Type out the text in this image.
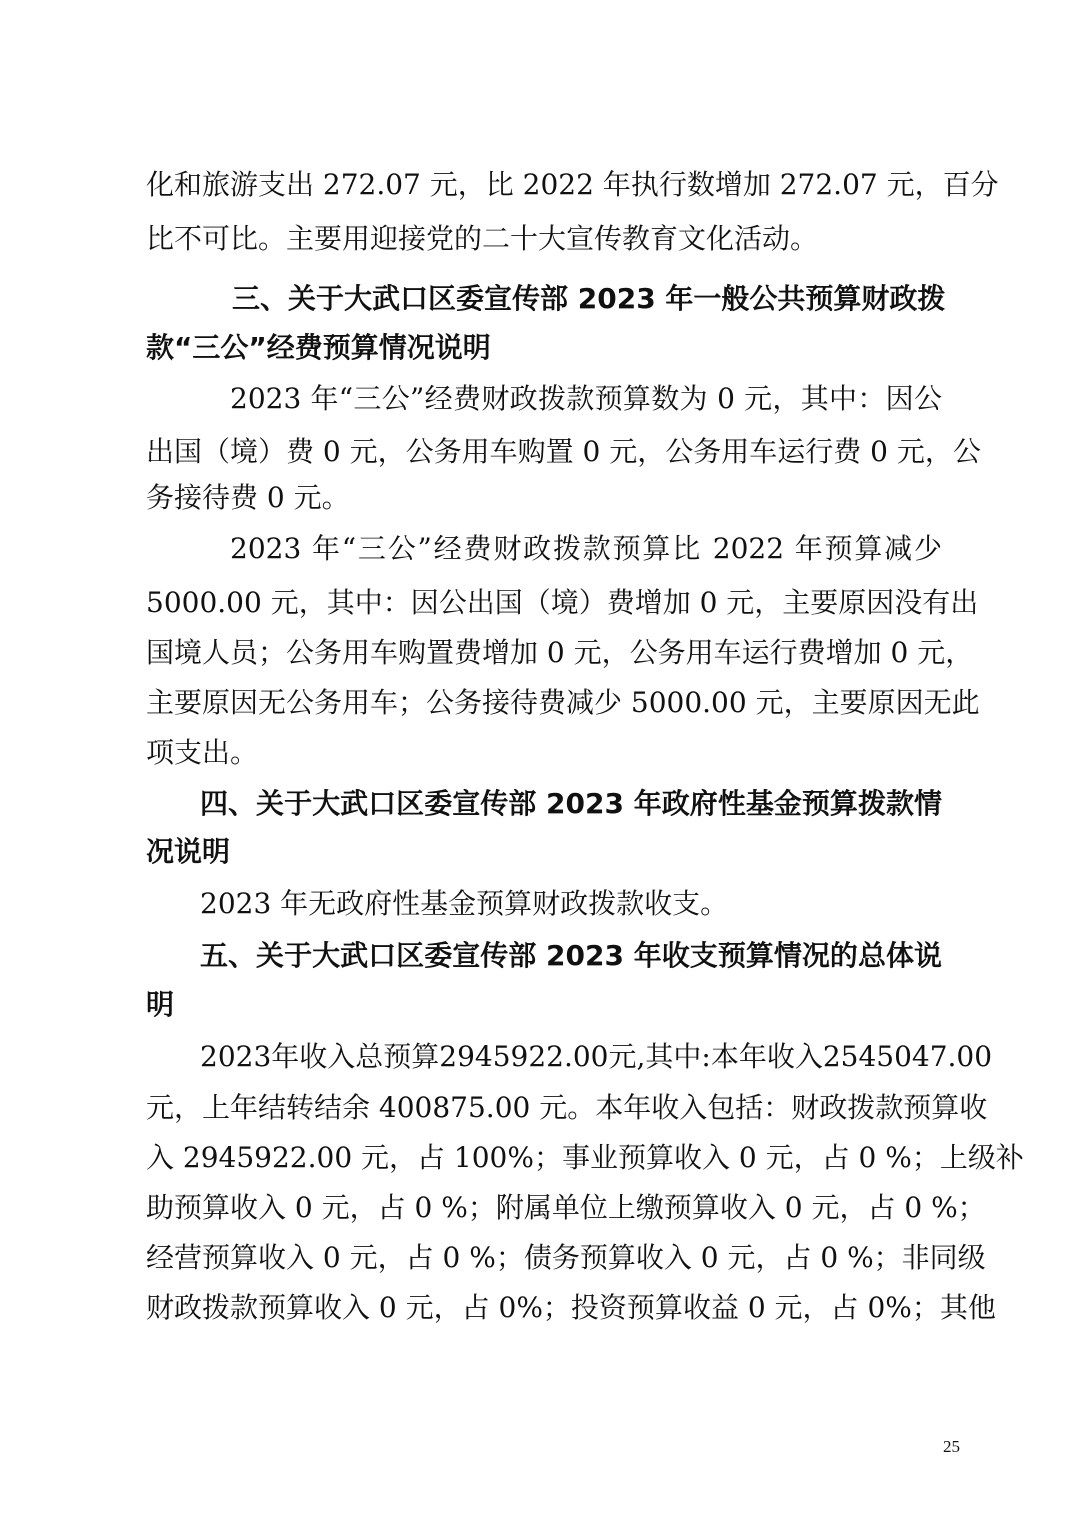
化和旅游支出 272.07 元，比 2022 年执行数增加 272.07 元，百分
比不可比。主要用迎接党的二十大宣传教育文化活动。
三、关于大武口区委宣传部 2023 年一般公共预算财政拨
款“三公”经费预算情况说明
2023 年“三公”经费财政拨款预算数为 0 元，其中：因公
出国（境）费 0 元，公务用车购置 0 元，公务用车运行费 0 元，公
务接待费 0 元。
2023 年“三公”经费财政拨款预算比 2022 年预算减少
5000.00 元，其中：因公出国（境）费增加 0 元，主要原因没有出
国境人员；公务用车购置费增加 0 元，公务用车运行费增加 0 元，
主要原因无公务用车；公务接待费减少 5000.00 元，主要原因无此
项支出。
四、关于大武口区委宣传部 2023 年政府性基金预算拨款情
况说明
2023 年无政府性基金预算财政拨款收支。
五、关于大武口区委宣传部 2023 年收支预算情况的总体说
明
2023年收入总预算2945922.00元,其中:本年收入2545047.00
元，上年结转结余 400875.00 元。本年收入包括：财政拨款预算收
入 2945922.00 元，占 100%；事业预算收入 0 元，占 0 %；上级补
助预算收入 0 元，占 0 %；附属单位上缴预算收入 0 元，占 0 %；
经营预算收入 0 元，占 0 %；债务预算收入 0 元，占 0 %；非同级
财政拨款预算收入 0 元，占 0%；投资预算收益 0 元，占 0%；其他
25
